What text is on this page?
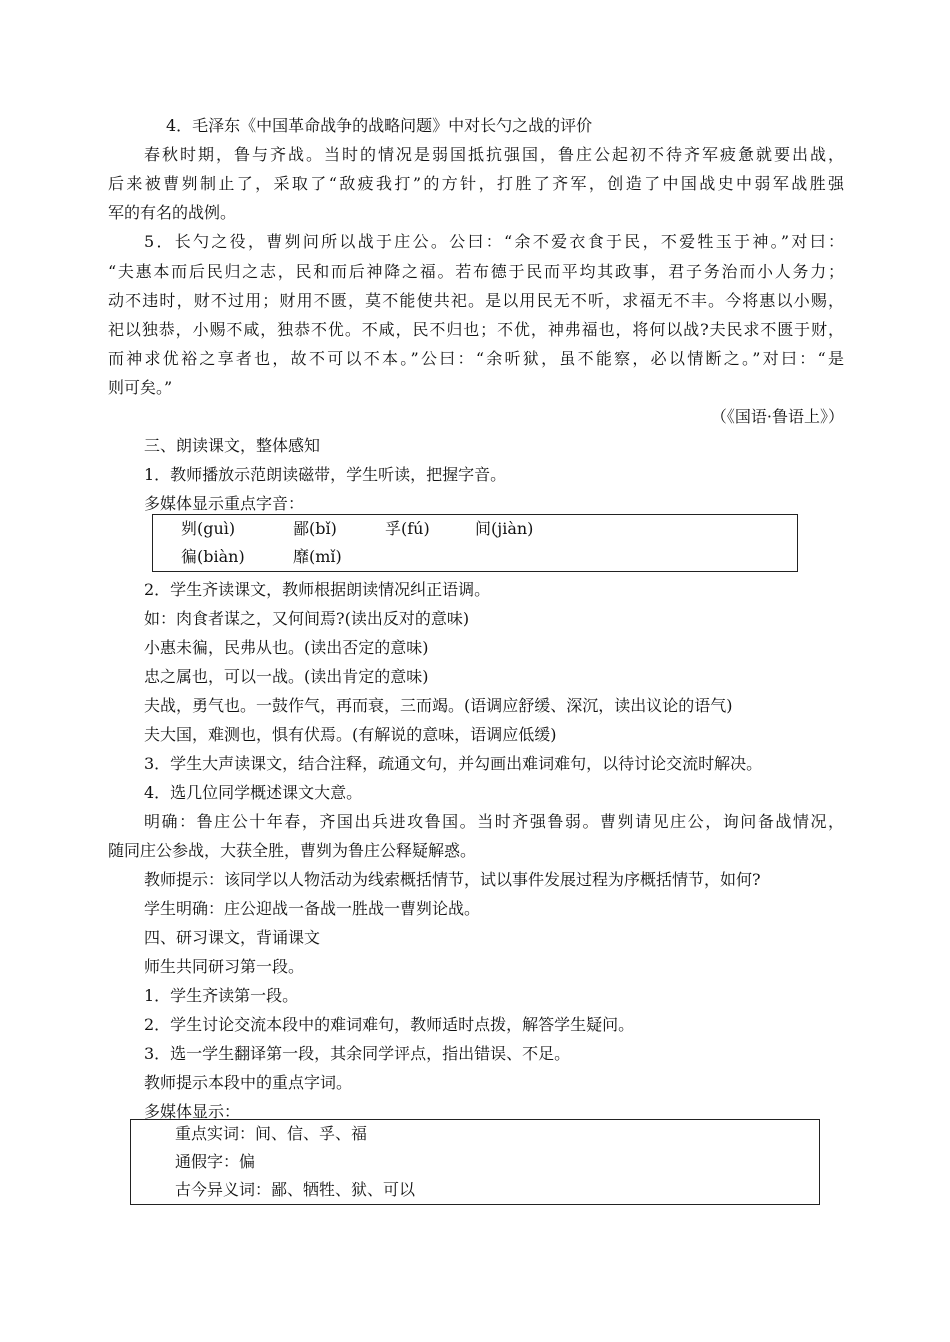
4．毛泽东《中国革命战争的战略问题》中对长勺之战的评价
春秋时期，鲁与齐战。当时的情况是弱国抵抗强国，鲁庄公起初不待齐军疲惫就要出战，
后来被曹刿制止了，采取了“敌疲我打”的方针，打胜了齐军，创造了中国战史中弱军战胜强
军的有名的战例。
5．长勺之役，曹刿问所以战于庄公。公曰：“余不爱衣食于民，不爱牲玉于神。”对曰：
“夫惠本而后民归之志，民和而后神降之福。若布德于民而平均其政事，君子务治而小人务力；
动不违时，财不过用；财用不匮，莫不能使共祀。是以用民无不听，求福无不丰。今将惠以小赐，
祀以独恭，小赐不咸，独恭不优。不咸，民不归也；不优，神弗福也，将何以战?夫民求不匮于财，
而神求优裕之享者也，故不可以不本。”公曰：“余听狱，虽不能察，必以情断之。”对曰：“是
则可矣。”
（《国语·鲁语上》）
三、朗读课文，整体感知
1．教师播放示范朗读磁带，学生听读，把握字音。
多媒体显示重点字音：
刿(guì)	鄙(bǐ)	孚(fú)	间(jiàn)
徧(biàn)	靡(mǐ)
2．学生齐读课文，教师根据朗读情况纠正语调。
如：肉食者谋之，又何间焉?(读出反对的意味)
小惠未徧，民弗从也。(读出否定的意味)
忠之属也，可以一战。(读出肯定的意味)
夫战，勇气也。一鼓作气，再而衰，三而竭。(语调应舒缓、深沉，读出议论的语气)
夫大国，难测也，惧有伏焉。(有解说的意味，语调应低缓)
3．学生大声读课文，结合注释，疏通文句，并勾画出难词难句，以待讨论交流时解决。
4．选几位同学概述课文大意。
明确：鲁庄公十年春，齐国出兵进攻鲁国。当时齐强鲁弱。曹刿请见庄公，询问备战情况，
随同庄公参战，大获全胜，曹刿为鲁庄公释疑解惑。
教师提示：该同学以人物活动为线索概括情节，试以事件发展过程为序概括情节，如何?
学生明确：庄公迎战一备战一胜战一曹刿论战。
四、研习课文，背诵课文
师生共同研习第一段。
1．学生齐读第一段。
2．学生讨论交流本段中的难词难句，教师适时点拨，解答学生疑问。
3．选一学生翻译第一段，其余同学评点，指出错误、不足。
教师提示本段中的重点字词。
多媒体显示：
重点实词：间、信、孚、福
通假字：偏
古今异义词：鄙、牺牲、狱、可以
